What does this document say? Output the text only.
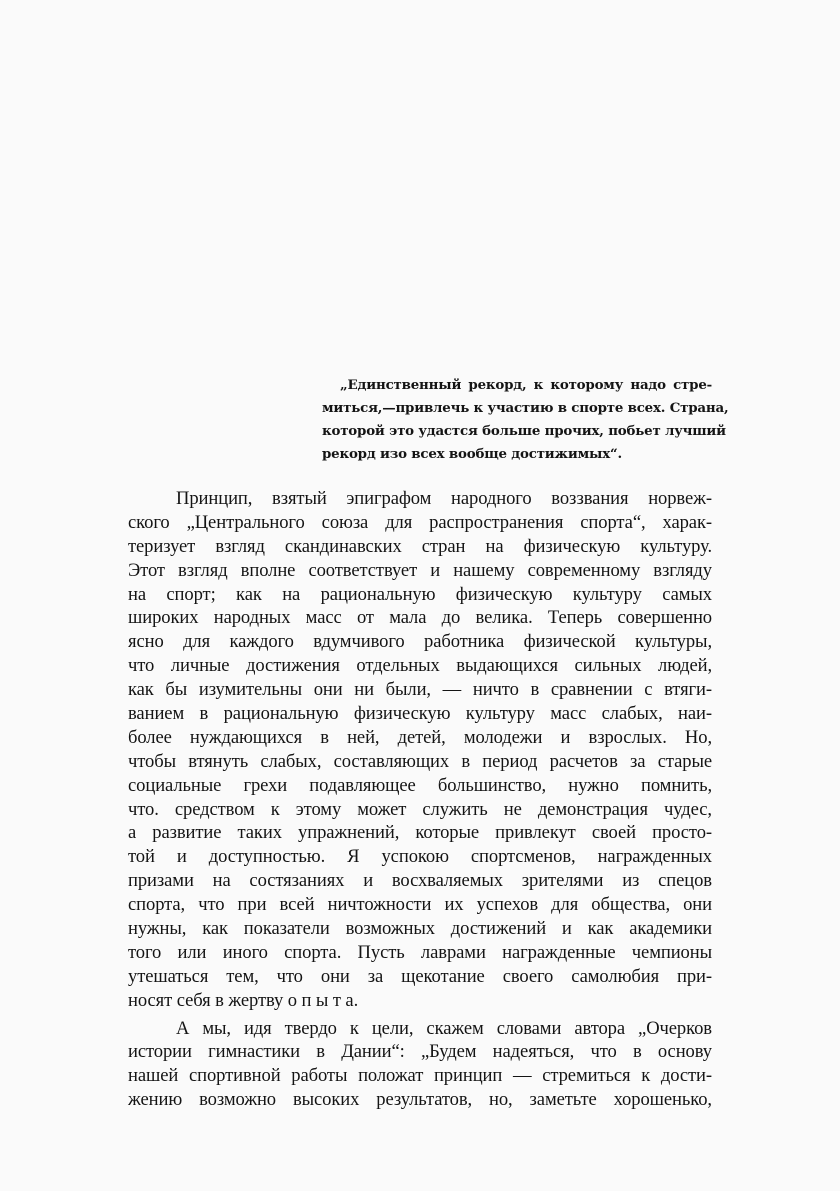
„Единственный рекорд, к которому надо стре-
миться,—привлечь к участию в спорте всех. Страна,
которой это удастся больше прочих, побьет лучший
рекорд изо всех вообще достижимых“.
Принцип, взятый эпиграфом народного воззвания норвеж-
ского „Центрального союза для распространения спорта“, харак-
теризует взгляд скандинавских стран на физическую культуру.
Этот взгляд вполне соответствует и нашему современному взгляду
на спорт; как на рациональную физическую культуру самых
широких народных масс от мала до велика. Теперь совершенно
ясно для каждого вдумчивого работника физической культуры,
что личные достижения отдельных выдающихся сильных людей,
как бы изумительны они ни были, — ничто в сравнении с втяги-
ванием в рациональную физическую культуру масс слабых, наи-
более нуждающихся в ней, детей, молодежи и взрослых. Но,
чтобы втянуть слабых, составляющих в период расчетов за старые
социальные грехи подавляющее большинство, нужно помнить,
что. средством к этому может служить не демонстрация чудес,
а развитие таких упражнений, которые привлекут своей просто-
той и доступностью. Я успокою спортсменов, награжденных
призами на состязаниях и восхваляемых зрителями из спецов
спорта, что при всей ничтожности их успехов для общества, они
нужны, как показатели возможных достижений и как академики
того или иного спорта. Пусть лаврами награжденные чемпионы
утешаться тем, что они за щекотание своего самолюбия при-
носят себя в жертву о п ы т а.
А мы, идя твердо к цели, скажем словами автора „Очерков
истории гимнастики в Дании“: „Будем надеяться, что в основу
нашей спортивной работы положат принцип — стремиться к дости-
жению возможно высоких результатов, но, заметьте хорошенько,
